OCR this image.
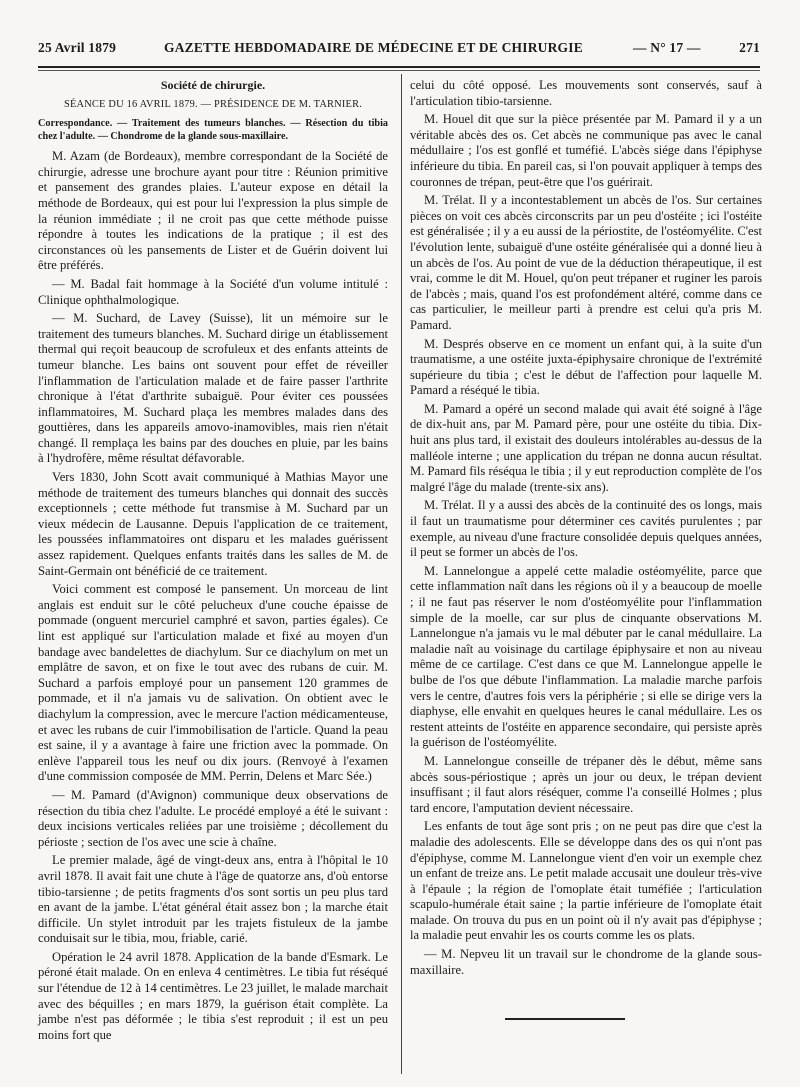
25 Avril 1879	GAZETTE HEBDOMADAIRE DE MÉDECINE ET DE CHIRURGIE	— N° 17 —	271

Société de chirurgie.

SÉANCE DU 16 AVRIL 1879. — PRÉSIDENCE DE M. TARNIER.

Correspondance. — Traitement des tumeurs blanches. — Résection du tibia chez l'adulte. — Chondrome de la glande sous-maxillaire.

M. Azam (de Bordeaux), membre correspondant de la Société de chirurgie, adresse une brochure ayant pour titre : Réunion primitive et pansement des grandes plaies. L'auteur expose en détail la méthode de Bordeaux, qui est pour lui l'expression la plus simple de la réunion immédiate ; il ne croit pas que cette méthode puisse répondre à toutes les indications de la pratique ; il est des circonstances où les pansements de Lister et de Guérin doivent lui être préférés.

— M. Badal fait hommage à la Société d'un volume intitulé : Clinique ophthalmologique.

— M. Suchard, de Lavey (Suisse), lit un mémoire sur le traitement des tumeurs blanches. M. Suchard dirige un établissement thermal qui reçoit beaucoup de scrofuleux et des enfants atteints de tumeur blanche. Les bains ont souvent pour effet de réveiller l'inflammation de l'articulation malade et de faire passer l'arthrite chronique à l'état d'arthrite subaiguë. Pour éviter ces poussées inflammatoires, M. Suchard plaça les membres malades dans des gouttières, dans les appareils amovo-inamovibles, mais rien n'était changé. Il remplaça les bains par des douches en pluie, par les bains à l'hydrofère, même résultat défavorable.

Vers 1830, John Scott avait communiqué à Mathias Mayor une méthode de traitement des tumeurs blanches qui donnait des succès exceptionnels ; cette méthode fut transmise à M. Suchard par un vieux médecin de Lausanne. Depuis l'application de ce traitement, les poussées inflammatoires ont disparu et les malades guérissent assez rapidement. Quelques enfants traités dans les salles de M. de Saint-Germain ont bénéficié de ce traitement.

Voici comment est composé le pansement. Un morceau de lint anglais est enduit sur le côté pelucheux d'une couche épaisse de pommade (onguent mercuriel camphré et savon, parties égales). Ce lint est appliqué sur l'articulation malade et fixé au moyen d'un bandage avec bandelettes de diachylum. Sur ce diachylum on met un emplâtre de savon, et on fixe le tout avec des rubans de cuir. M. Suchard a parfois employé pour un pansement 120 grammes de pommade, et il n'a jamais vu de salivation. On obtient avec le diachylum la compression, avec le mercure l'action médicamenteuse, et avec les rubans de cuir l'immobilisation de l'article. Quand la peau est saine, il y a avantage à faire une friction avec la pommade. On enlève l'appareil tous les neuf ou dix jours. (Renvoyé à l'examen d'une commission composée de MM. Perrin, Delens et Marc Sée.)

— M. Pamard (d'Avignon) communique deux observations de résection du tibia chez l'adulte. Le procédé employé a été le suivant : deux incisions verticales reliées par une troisième ; décollement du périoste ; section de l'os avec une scie à chaîne.

Le premier malade, âgé de vingt-deux ans, entra à l'hôpital le 10 avril 1878. Il avait fait une chute à l'âge de quatorze ans, d'où entorse tibio-tarsienne ; de petits fragments d'os sont sortis un peu plus tard en avant de la jambe. L'état général était assez bon ; la marche était difficile. Un stylet introduit par les trajets fistuleux de la jambe conduisait sur le tibia, mou, friable, carié.

Opération le 24 avril 1878. Application de la bande d'Esmark. Le péroné était malade. On en enleva 4 centimètres. Le tibia fut réséqué sur l'étendue de 12 à 14 centimètres. Le 23 juillet, le malade marchait avec des béquilles ; en mars 1879, la guérison était complète. La jambe n'est pas déformée ; le tibia s'est reproduit ; il est un peu moins fort que

celui du côté opposé. Les mouvements sont conservés, sauf à l'articulation tibio-tarsienne.

M. Houel dit que sur la pièce présentée par M. Pamard il y a un véritable abcès des os. Cet abcès ne communique pas avec le canal médullaire ; l'os est gonflé et tuméfié. L'abcès siége dans l'épiphyse inférieure du tibia. En pareil cas, si l'on pouvait appliquer à temps des couronnes de trépan, peut-être que l'os guérirait.

M. Trélat. Il y a incontestablement un abcès de l'os. Sur certaines pièces on voit ces abcès circonscrits par un peu d'ostéite ; ici l'ostéite est généralisée ; il y a eu aussi de la périostite, de l'ostéomyélite. C'est l'évolution lente, subaiguë d'une ostéite généralisée qui a donné lieu à un abcès de l'os. Au point de vue de la déduction thérapeutique, il est vrai, comme le dit M. Houel, qu'on peut trépaner et ruginer les parois de l'abcès ; mais, quand l'os est profondément altéré, comme dans ce cas particulier, le meilleur parti à prendre est celui qu'a pris M. Pamard.

M. Després observe en ce moment un enfant qui, à la suite d'un traumatisme, a une ostéite juxta-épiphysaire chronique de l'extrémité supérieure du tibia ; c'est le début de l'affection pour laquelle M. Pamard a réséqué le tibia.

M. Pamard a opéré un second malade qui avait été soigné à l'âge de dix-huit ans, par M. Pamard père, pour une ostéite du tibia. Dix-huit ans plus tard, il existait des douleurs intolérables au-dessus de la malléole interne ; une application du trépan ne donna aucun résultat. M. Pamard fils réséqua le tibia ; il y eut reproduction complète de l'os malgré l'âge du malade (trente-six ans).

M. Trélat. Il y a aussi des abcès de la continuité des os longs, mais il faut un traumatisme pour déterminer ces cavités purulentes ; par exemple, au niveau d'une fracture consolidée depuis quelques années, il peut se former un abcès de l'os.

M. Lannelongue a appelé cette maladie ostéomyélite, parce que cette inflammation naît dans les régions où il y a beaucoup de moelle ; il ne faut pas réserver le nom d'ostéomyélite pour l'inflammation simple de la moelle, car sur plus de cinquante observations M. Lannelongue n'a jamais vu le mal débuter par le canal médullaire. La maladie naît au voisinage du cartilage épiphysaire et non au niveau même de ce cartilage. C'est dans ce que M. Lannelongue appelle le bulbe de l'os que débute l'inflammation. La maladie marche parfois vers le centre, d'autres fois vers la périphérie ; si elle se dirige vers la diaphyse, elle envahit en quelques heures le canal médullaire. Les os restent atteints de l'ostéite en apparence secondaire, qui persiste après la guérison de l'ostéomyélite.

M. Lannelongue conseille de trépaner dès le début, même sans abcès sous-périostique ; après un jour ou deux, le trépan devient insuffisant ; il faut alors réséquer, comme l'a conseillé Holmes ; plus tard encore, l'amputation devient nécessaire.

Les enfants de tout âge sont pris ; on ne peut pas dire que c'est la maladie des adolescents. Elle se développe dans des os qui n'ont pas d'épiphyse, comme M. Lannelongue vient d'en voir un exemple chez un enfant de treize ans. Le petit malade accusait une douleur très-vive à l'épaule ; la région de l'omoplate était tuméfiée ; l'articulation scapulo-humérale était saine ; la partie inférieure de l'omoplate était malade. On trouva du pus en un point où il n'y avait pas d'épiphyse ; la maladie peut envahir les os courts comme les os plats.

— M. Nepveu lit un travail sur le chondrome de la glande sous-maxillaire.
